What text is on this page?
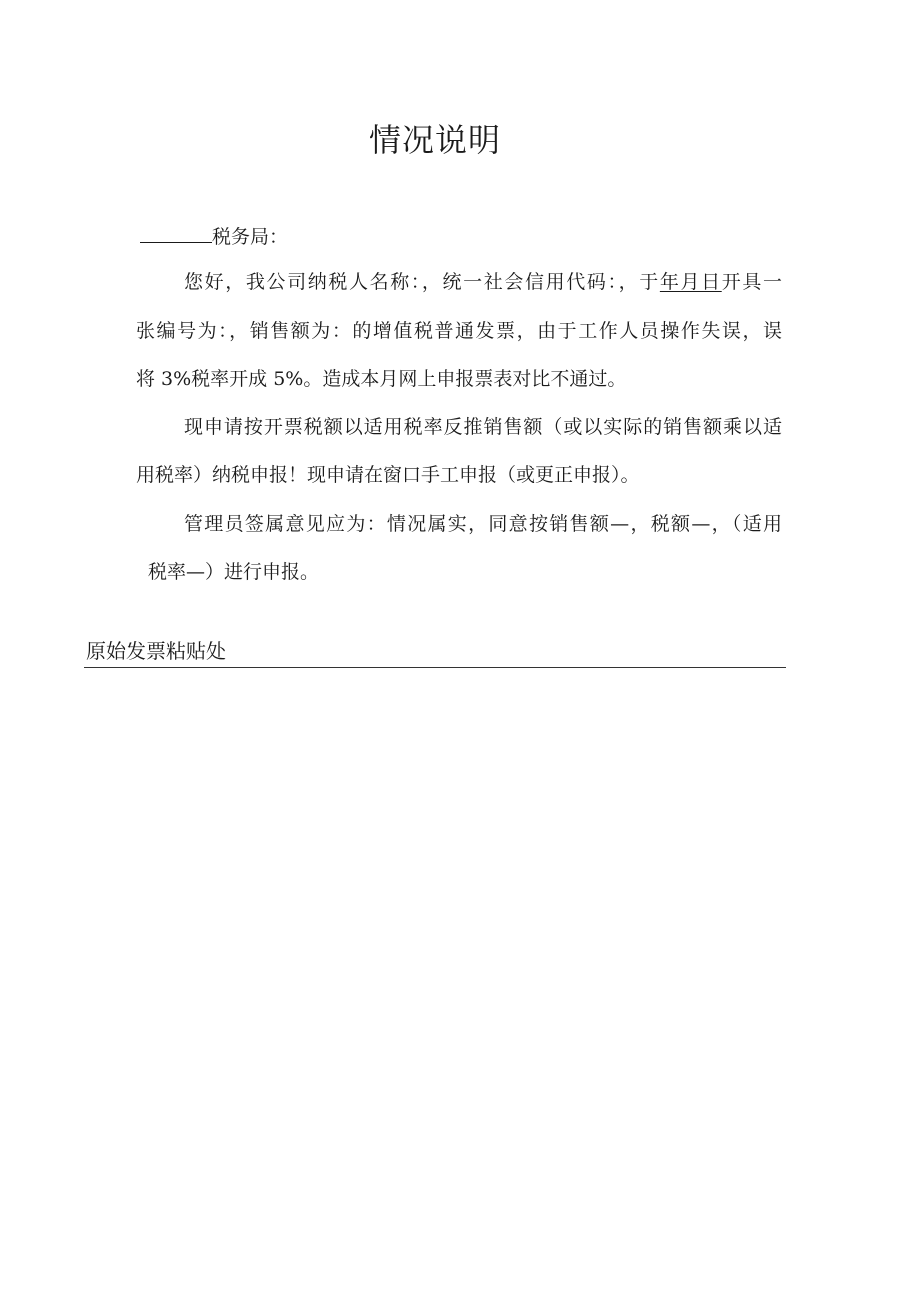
情况说明
税务局：
您好，我公司纳税人名称：，统一社会信用代码：，于年月日开具一
张编号为：，销售额为：的增值税普通发票，由于工作人员操作失误，误
将 3%税率开成 5%。造成本月网上申报票表对比不通过。
现申请按开票税额以适用税率反推销售额（或以实际的销售额乘以适
用税率）纳税申报！现申请在窗口手工申报（或更正申报）。
管理员签属意见应为：情况属实，同意按销售额—，税额—，（适用
税率—）进行申报。
原始发票粘贴处
